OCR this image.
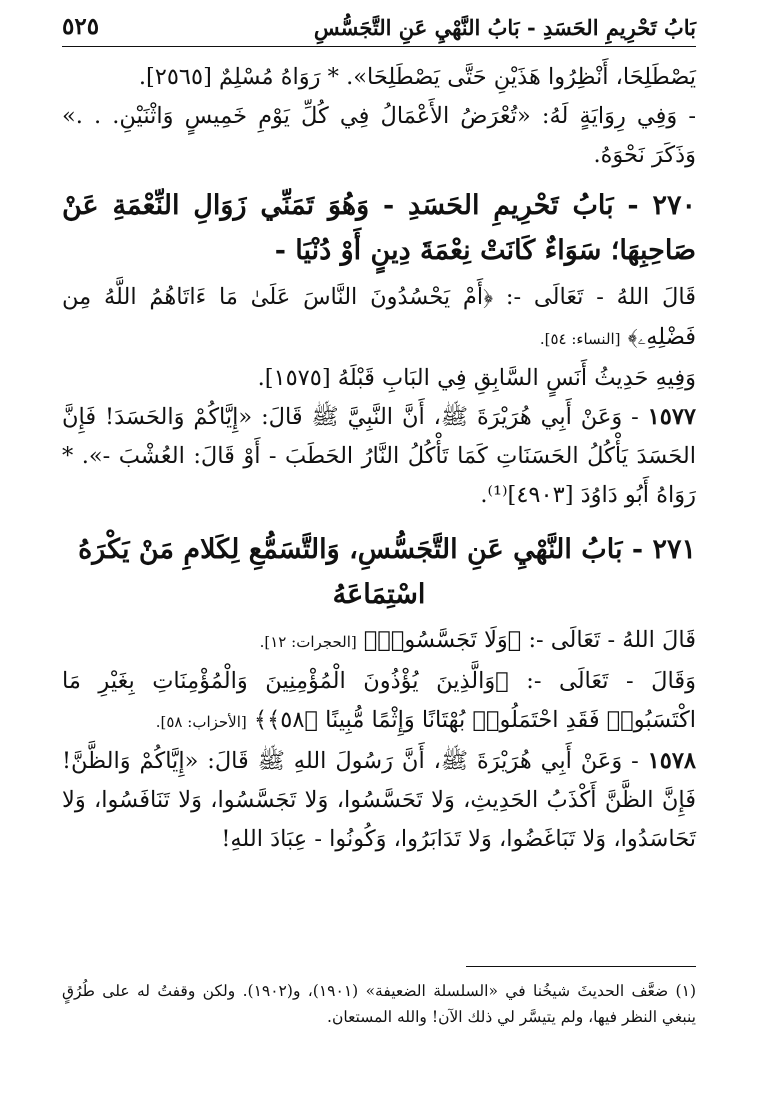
بَابُ تَحْرِيمِ الحَسَدِ - بَابُ النَّهْيِ عَنِ التَّجَسُّسِ
٥٢٥

يَصْطَلِحَا، أَنْظِرُوا هَذَيْنِ حَتَّى يَصْطَلِحَا». * رَوَاهُ مُسْلِمٌ [٢٥٦٥].

- وَفِي رِوَايَةٍ لَهُ: «تُعْرَضُ الأَعْمَالُ فِي كُلِّ يَوْمِ خَمِيسٍ وَاثْنَيْنِ. . .» وَذَكَرَ نَحْوَهُ.

٢٧٠ - بَابُ تَحْرِيمِ الحَسَدِ - وَهُوَ تَمَنِّي زَوَالِ النِّعْمَةِ عَنْ صَاحِبِهَا؛ سَوَاءٌ كَانَتْ نِعْمَةَ دِينٍ أَوْ دُنْيَا -

قَالَ اللهُ - تَعَالَى -: ﴿أَمْ يَحْسُدُونَ النَّاسَ عَلَىٰ مَا ءَاتَاهُمُ اللَّهُ مِن فَضْلِهِۦ﴾ [النساء: ٥٤].

وَفِيهِ حَدِيثُ أَنَسٍ السَّابِقِ فِي البَابِ قَبْلَهُ [١٥٧٥].

١٥٧٧ - وَعَنْ أَبِي هُرَيْرَةَ ﷺ، أَنَّ النَّبِيَّ ﷺ قَالَ: «إِيَّاكُمْ وَالحَسَدَ! فَإِنَّ الحَسَدَ يَأْكُلُ الحَسَنَاتِ كَمَا تَأْكُلُ النَّارُ الحَطَبَ - أَوْ قَالَ: العُشْبَ -». * رَوَاهُ أَبُو دَاوُدَ [٤٩٠٣]⁽¹⁾.

٢٧١ - بَابُ النَّهْيِ عَنِ التَّجَسُّسِ، وَالتَّسَمُّعِ لِكَلامِ مَنْ يَكْرَهُ
اسْتِمَاعَهُ

قَالَ اللهُ - تَعَالَى -: ﴿وَلَا تَجَسَّسُوا۟﴾ [الحجرات: ١٢].

وَقَالَ - تَعَالَى -: ﴿وَالَّذِينَ يُؤْذُونَ الْمُؤْمِنِينَ وَالْمُؤْمِنَاتِ بِغَيْرِ مَا اكْتَسَبُوا۟ فَقَدِ احْتَمَلُوا۟ بُهْتَانًا وَإِثْمًا مُّبِينًا ﴿٥٨﴾﴾ [الأحزاب: ٥٨].

١٥٧٨ - وَعَنْ أَبِي هُرَيْرَةَ ﷺ، أَنَّ رَسُولَ اللهِ ﷺ قَالَ: «إِيَّاكُمْ وَالظَّنَّ! فَإِنَّ الظَّنَّ أَكْذَبُ الحَدِيثِ، وَلا تَحَسَّسُوا، وَلا تَجَسَّسُوا، وَلا تَنَافَسُوا، وَلا تَحَاسَدُوا، وَلا تَبَاغَضُوا، وَلا تَدَابَرُوا، وَكُونُوا - عِبَادَ اللهِ!

(١) ضعَّف الحديثَ شيخُنا في «السلسلة الضعيفة» (١٩٠١)، و(١٩٠٢). ولكن وقفتُ له على طُرُقٍ ينبغي النظر فيها، ولم يتيسَّر لي ذلك الآن! والله المستعان.
